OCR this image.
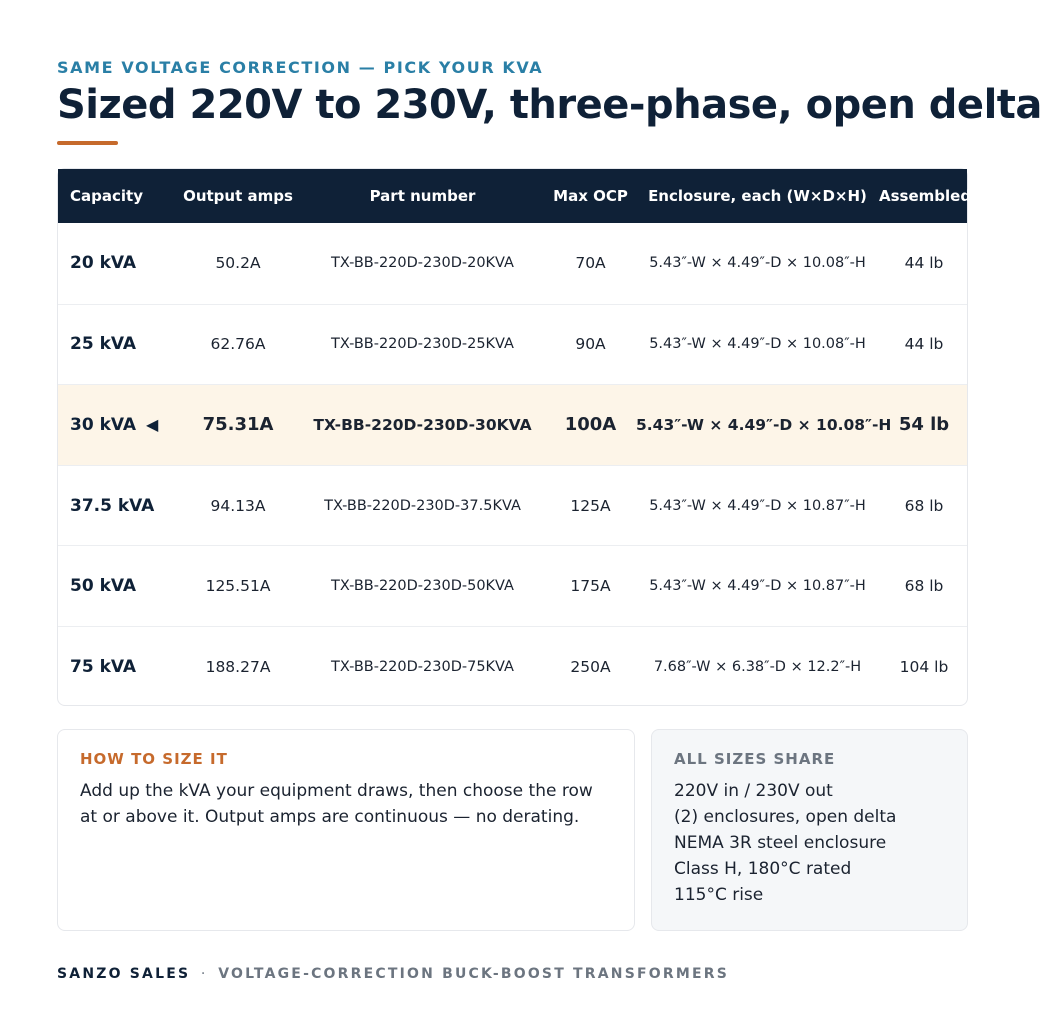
SAME VOLTAGE CORRECTION — PICK YOUR KVA
Sized 220V to 230V, three-phase, open delta
Capacity	Output amps	Part number	Max OCP	Enclosure, each (W×D×H) Assembled wt
20 kVA	50.2A	TX-BB-220D-230D-20KVA	70A	5.43″-W × 4.49″-D × 10.08″-H	44 lb
25 kVA	62.76A	TX-BB-220D-230D-25KVA	90A	5.43″-W × 4.49″-D × 10.08″-H	44 lb
30 kVA ◀	75.31A	TX-BB-220D-230D-30KVA	100A	5.43″-W × 4.49″-D × 10.08″-H 54 lb
37.5 kVA	94.13A	TX-BB-220D-230D-37.5KVA	125A	5.43″-W × 4.49″-D × 10.87″-H	68 lb
50 kVA	125.51A	TX-BB-220D-230D-50KVA	175A	5.43″-W × 4.49″-D × 10.87″-H	68 lb
75 kVA	188.27A	TX-BB-220D-230D-75KVA	250A	7.68″-W × 6.38″-D × 12.2″-H	104 lb
HOW TO SIZE IT

Add up the kVA your equipment draws, then choose the row at or above it. Output amps are continuous — no derating.

ALL SIZES SHARE
220V in / 230V out
(2) enclosures, open delta
NEMA 3R steel enclosure
Class H, 180°C rated
115°C rise
SANZO SALES · VOLTAGE-CORRECTION BUCK-BOOST TRANSFORMERS
